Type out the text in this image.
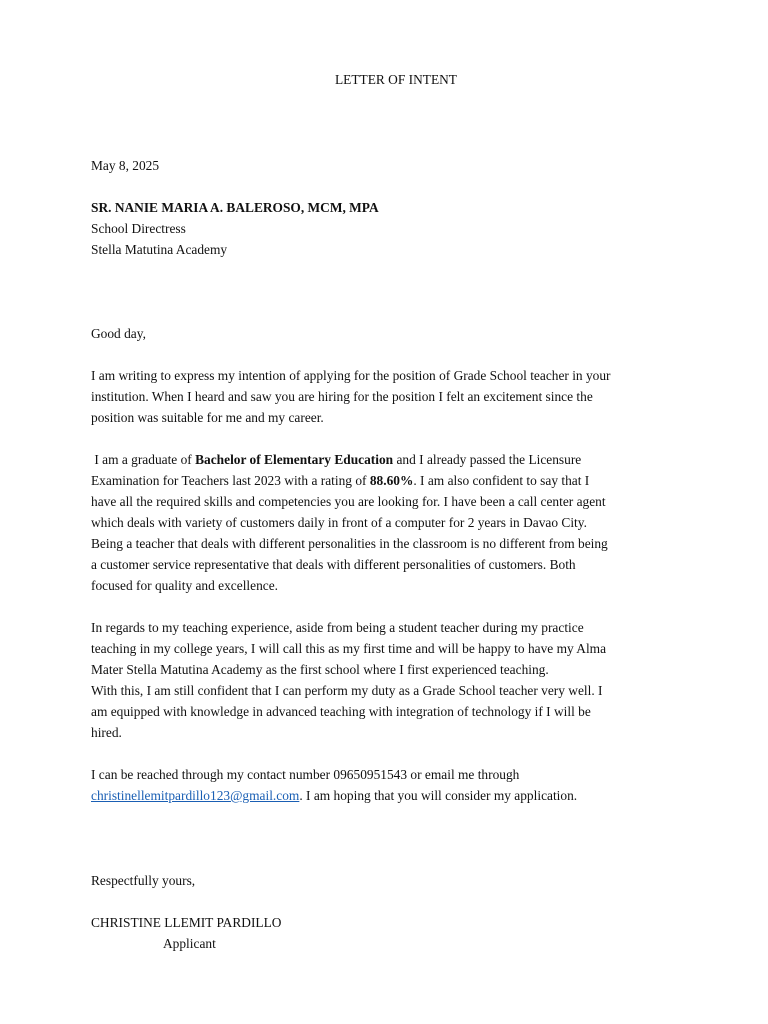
LETTER OF INTENT
May 8, 2025
SR. NANIE MARIA A. BALEROSO, MCM, MPA
School Directress
Stella Matutina Academy
Good day,
I am writing to express my intention of applying for the position of Grade School teacher in your
institution. When I heard and saw you are hiring for the position I felt an excitement since the
position was suitable for me and my career.
I am a graduate of Bachelor of Elementary Education and I already passed the Licensure
Examination for Teachers last 2023 with a rating of 88.60%. I am also confident to say that I
have all the required skills and competencies you are looking for. I have been a call center agent
which deals with variety of customers daily in front of a computer for 2 years in Davao City.
Being a teacher that deals with different personalities in the classroom is no different from being
a customer service representative that deals with different personalities of customers. Both
focused for quality and excellence.
In regards to my teaching experience, aside from being a student teacher during my practice
teaching in my college years, I will call this as my first time and will be happy to have my Alma
Mater Stella Matutina Academy as the first school where I first experienced teaching.
With this, I am still confident that I can perform my duty as a Grade School teacher very well. I
am equipped with knowledge in advanced teaching with integration of technology if I will be
hired.
I can be reached through my contact number 09650951543 or email me through
christinellemitpardillo123@gmail.com. I am hoping that you will consider my application.
Respectfully yours,
CHRISTINE LLEMIT PARDILLO
Applicant
